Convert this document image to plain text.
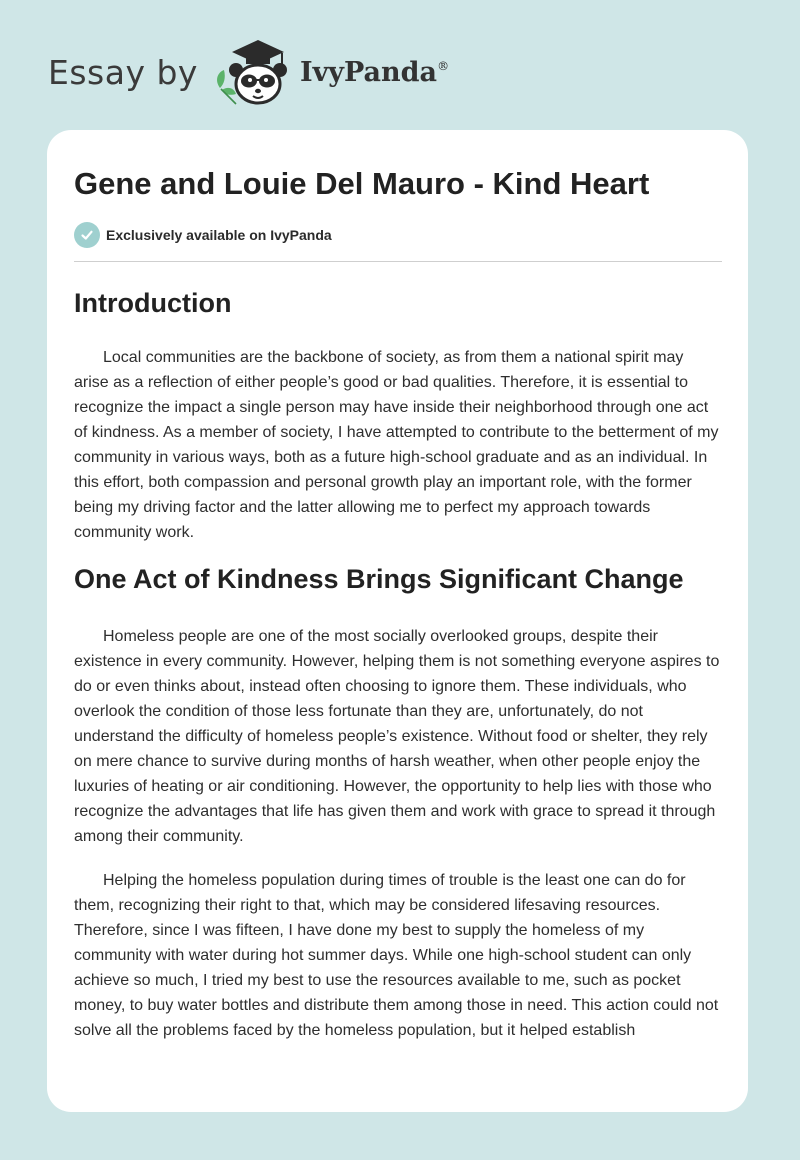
Essay by	IvyPanda®
Gene and Louie Del Mauro - Kind Heart
Exclusively available on IvyPanda
Introduction

Local communities are the backbone of society, as from them a national spirit may arise as a reflection of either people’s good or bad qualities. Therefore, it is essential to recognize the impact a single person may have inside their neighborhood through one act of kindness. As a member of society, I have attempted to contribute to the betterment of my community in various ways, both as a future high-school graduate and as an individual. In this effort, both compassion and personal growth play an important role, with the former being my driving factor and the latter allowing me to perfect my approach towards community work.

One Act of Kindness Brings Significant Change

Homeless people are one of the most socially overlooked groups, despite their existence in every community. However, helping them is not something everyone aspires to do or even thinks about, instead often choosing to ignore them. These individuals, who overlook the condition of those less fortunate than they are, unfortunately, do not understand the difficulty of homeless people’s existence. Without food or shelter, they rely on mere chance to survive during months of harsh weather, when other people enjoy the luxuries of heating or air conditioning. However, the opportunity to help lies with those who recognize the advantages that life has given them and work with grace to spread it through among their community.

Helping the homeless population during times of trouble is the least one can do for them, recognizing their right to that, which may be considered lifesaving resources. Therefore, since I was fifteen, I have done my best to supply the homeless of my community with water during hot summer days. While one high-school student can only achieve so much, I tried my best to use the resources available to me, such as pocket money, to buy water bottles and distribute them among those in need. This action could not solve all the problems faced by the homeless population, but it helped establish
